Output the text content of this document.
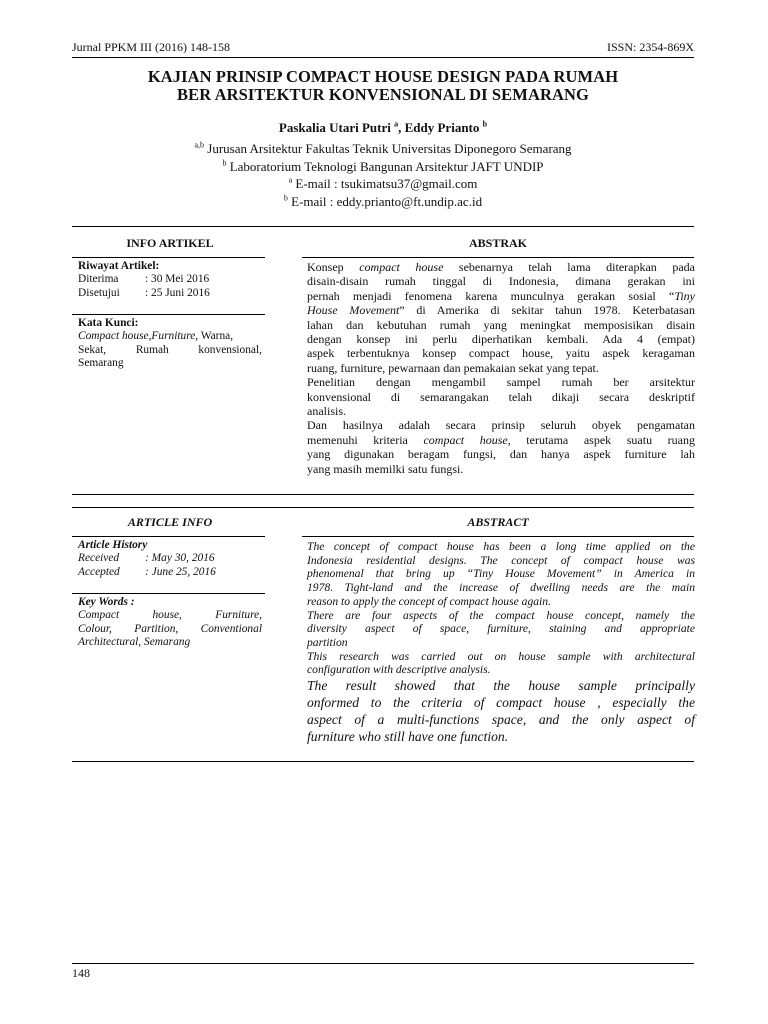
Jurnal PPKM III (2016) 148-158	ISSN: 2354-869X
KAJIAN PRINSIP COMPACT HOUSE DESIGN PADA RUMAH
BER ARSITEKTUR KONVENSIONAL DI SEMARANG
Paskalia Utari Putri $^a$, Eddy Prianto $^b$
$^{a,b}$ Jurusan Arsitektur Fakultas Teknik Universitas Diponegoro Semarang
$^b$ Laboratorium Teknologi Bangunan Arsitektur JAFT UNDIP
$^a$ E-mail : tsukimatsu37@gmail.com
$^b$ E-mail : eddy.prianto@ft.undip.ac.id
INFO ARTIKEL	ABSTRAK
Riwayat Artikel:
Diterima	: 30 Mei 2016
Disetujui	: 25 Juni 2016
Kata Kunci:
Compact house , Furniture , Warna,
Sekat,	Rumah	konvensional,
Semarang
Konsep compact house sebenarnya telah lama diterapkan pada
disain-disain rumah tinggal di Indonesia, dimana gerakan ini
pernah menjadi fenomena karena munculnya gerakan sosial “Tiny
House Movement” di Amerika di sekitar tahun 1978. Keterbatasan
lahan dan kebutuhan rumah yang meningkat memposisikan disain
dengan konsep ini perlu diperhatikan kembali. Ada 4 (empat)
aspek terbentuknya konsep compact house, yaitu aspek keragaman
ruang, furniture, pewarnaan dan pemakaian sekat yang tepat.
Penelitian dengan mengambil sampel rumah ber arsitektur
konvensional di semarangakan telah dikaji secara deskriptif
analisis.
Dan hasilnya adalah secara prinsip seluruh obyek pengamatan
memenuhi kriteria compact house, terutama aspek suatu ruang
yang digunakan beragam fungsi, dan hanya aspek furniture lah
yang masih memilki satu fungsi.
ARTICLE INFO	ABSTRACT
Article History
Received	: May 30, 2016
Accepted	: June 25, 2016
Key Words :
Compact	house,	Furniture,
Colour, Partition, Conventional
Architectural, Semarang
The concept of compact house has been a long time applied on the
Indonesia residential designs. The concept of compact house was
phenomenal that bring up “Tiny House Movement” in America in
1978. Tight-land and the increase of dwelling needs are the main
reason to apply the concept of compact house again.
There are four aspects of the compact house concept, namely the
diversity aspect of space, furniture, staining and appropriate
partition
This research was carried out on house sample with architectural
configuration with descriptive analysis.
The result showed that the house sample principally
onformed to the criteria of compact house , especially the
aspect of a multi-functions space, and the only aspect of
furniture who still have one function.
148
